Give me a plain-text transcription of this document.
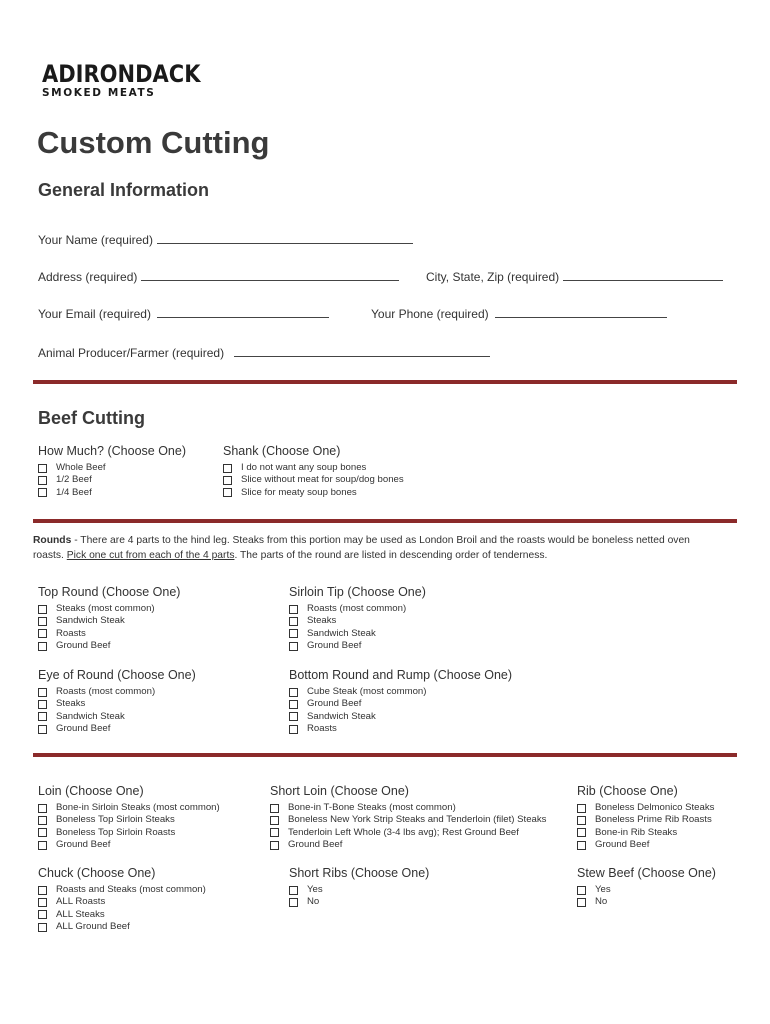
ADIRONDACK
SMOKED MEATS
Custom Cutting
General Information
Your Name (required)
Address (required)	City, State, Zip (required)
Your Email (required)	Your Phone (required)
Animal Producer/Farmer (required)
Beef Cutting
How Much? (Choose One)
Whole Beef
1/2 Beef
1/4 Beef
Shank (Choose One)
I do not want any soup bones
Slice without meat for soup/dog bones
Slice for meaty soup bones
Rounds - There are 4 parts to the hind leg. Steaks from this portion may be used as London Broil and the roasts would be boneless netted oven roasts. Pick one cut from each of the 4 parts. The parts of the round are listed in descending order of tenderness.
Top Round (Choose One)
Steaks (most common)
Sandwich Steak
Roasts
Ground Beef
Sirloin Tip (Choose One)
Roasts (most common)
Steaks
Sandwich Steak
Ground Beef
Eye of Round (Choose One)
Roasts (most common)
Steaks
Sandwich Steak
Ground Beef
Bottom Round and Rump (Choose One)
Cube Steak (most common)
Ground Beef
Sandwich Steak
Roasts
Loin (Choose One)
Bone-in Sirloin Steaks (most common)
Boneless Top Sirloin Steaks
Boneless Top Sirloin Roasts
Ground Beef
Short Loin (Choose One)
Bone-in T-Bone Steaks (most common)
Boneless New York Strip Steaks and Tenderloin (filet) Steaks
Tenderloin Left Whole (3-4 lbs avg); Rest Ground Beef
Ground Beef
Rib (Choose One)
Boneless Delmonico Steaks
Boneless Prime Rib Roasts
Bone-in Rib Steaks
Ground Beef
Chuck (Choose One)
Roasts and Steaks (most common)
ALL Roasts
ALL Steaks
ALL Ground Beef
Short Ribs (Choose One)
Yes
No
Stew Beef (Choose One)
Yes
No
